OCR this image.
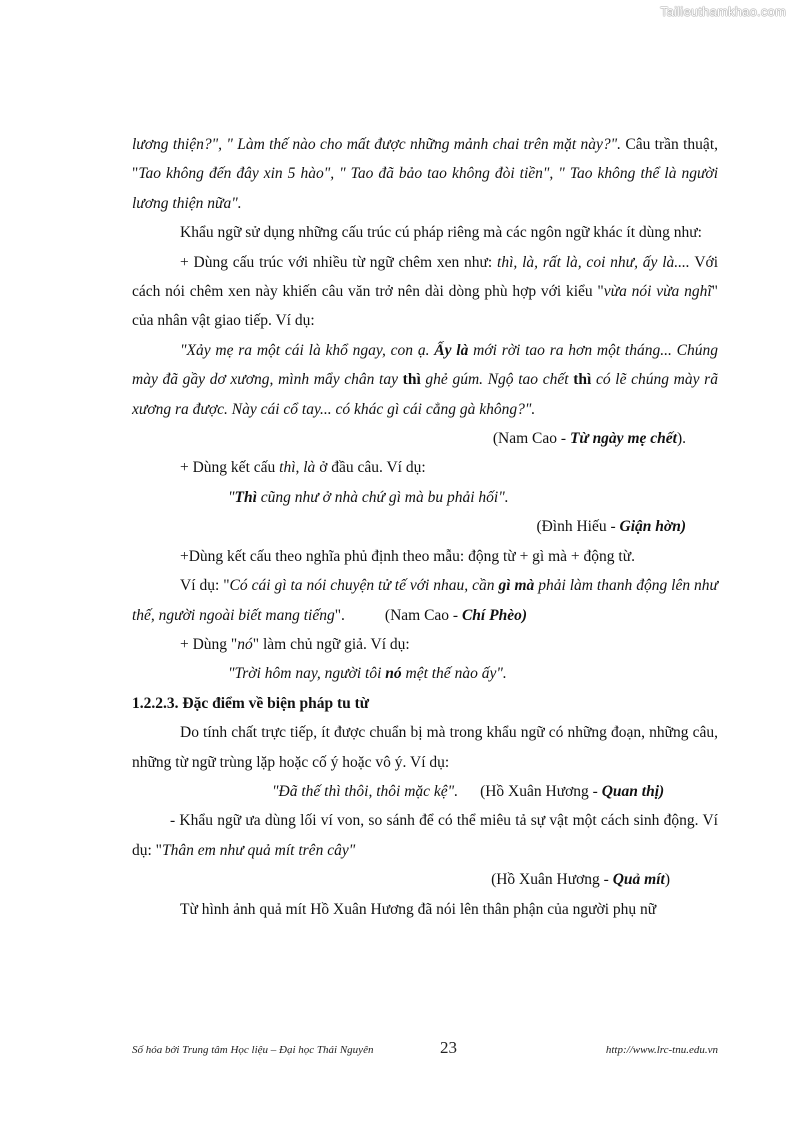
Tailieuthamkhao.com

lương thiện?", " Làm thế nào cho mất được những mảnh chai trên mặt này?". Câu trần thuật, "Tao không đến đây xin 5 hào", " Tao đã bảo tao không đòi tiền", " Tao không thể là người lương thiện nữa".

Khẩu ngữ sử dụng những cấu trúc cú pháp riêng mà các ngôn ngữ khác ít dùng như:

+ Dùng cấu trúc với nhiều từ ngữ chêm xen như: thì, là, rất là, coi như, ấy là.... Với cách nói chêm xen này khiến câu văn trở nên dài dòng phù hợp với kiểu "vừa nói vừa nghĩ" của nhân vật giao tiếp. Ví dụ:

"Xảy mẹ ra một cái là khổ ngay, con ạ. Ấy là mới rời tao ra hơn một tháng... Chúng mày đã gầy dơ xương, mình mẩy chân tay thì ghẻ gúm. Ngộ tao chết thì có lẽ chúng mày rã xương ra được. Này cái cổ tay... có khác gì cái cẳng gà không?".

(Nam Cao - Từ ngày mẹ chết).

+ Dùng kết cấu thì, là ở đầu câu. Ví dụ:

"Thì cũng như ở nhà chứ gì mà bu phải hối".

(Đình Hiếu - Giận hờn)

+Dùng kết cấu theo nghĩa phủ định theo mẫu: động từ + gì mà + động từ.

Ví dụ: "Có cái gì ta nói chuyện tử tế với nhau, cần gì mà phải làm thanh động lên như thế, người ngoài biết mang tiếng".	(Nam Cao - Chí Phèo)

+ Dùng "nó" làm chủ ngữ giả. Ví dụ:

"Trời hôm nay, người tôi nó mệt thế nào ấy".

1.2.2.3. Đặc điểm về biện pháp tu từ

Do tính chất trực tiếp, ít được chuẩn bị mà trong khẩu ngữ có những đoạn, những câu, những từ ngữ trùng lặp hoặc cố ý hoặc vô ý. Ví dụ:

"Đã thế thì thôi, thôi mặc kệ". (Hồ Xuân Hương - Quan thị)

- Khẩu ngữ ưa dùng lối ví von, so sánh để có thể miêu tả sự vật một cách sinh động. Ví dụ: "Thân em như quả mít trên cây"

(Hồ Xuân Hương - Quả mít)

Từ hình ảnh quả mít Hồ Xuân Hương đã nói lên thân phận của người phụ nữ

Số hóa bởi Trung tâm Học liệu – Đại học Thái Nguyên	23	http://www.lrc-tnu.edu.vn
